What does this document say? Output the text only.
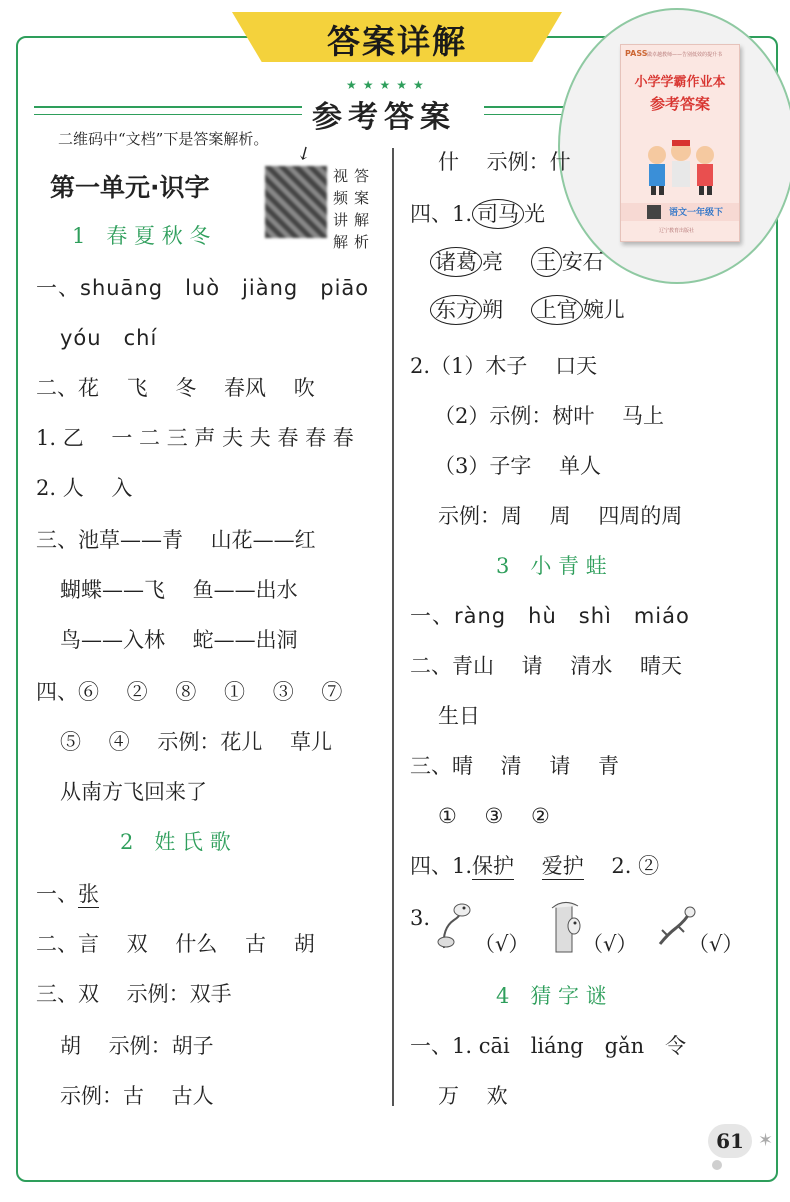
答案详解
★★★★★
参考答案
二维码中“文档”下是答案解析。
↙
PASS 做卓越教师——告别低效的提升书
小学学霸作业本
参考答案
语文一年级下
辽宁教育出版社
第一单元·识字	视频讲解
答案解析
1　春 夏 秋 冬
一、shuāng　luò　jiàng　piāo
yóu　chí
二、花　 飞　 冬　 春风　 吹
1. 乙　 ⼀ 二 三 声 夫 夫 春 春 春
2. 人　 入
三、池草——青　 山花——红
蝴蝶——飞　 鱼——出水
鸟——入林　 蛇——出洞
四、⑥　 ②　 ⑧　 ①　 ③　 ⑦
⑤　 ④　 示例：花儿　 草儿
从南方飞回来了
2　姓 氏 歌
一、张
二、言　 双　 什么　 古　 胡
三、双　 示例：双手
胡　 示例：胡子
示例：古　 古人
什　 示例：什
四、1. 司马 光
诸葛 亮　 王 安石
东方 朔　 上官 婉儿
2.（1）木子　 口天
（2）示例：树叶　 马上
（3）子字　 单人
示例：周　 周　 四周的周
3　小 青 蛙
一、ràng　hù　shì　miáo
二、青山　 请　 清水　 晴天
生日
三、晴　 清　 请　 青
①　 ③　 ②
四、1.保护　 爱护　 2. ②
3.
（√）	（√） （√）
4　猜 字 谜
一、1. cāi　liáng　gǎn　令
万　 欢
61 ✶
